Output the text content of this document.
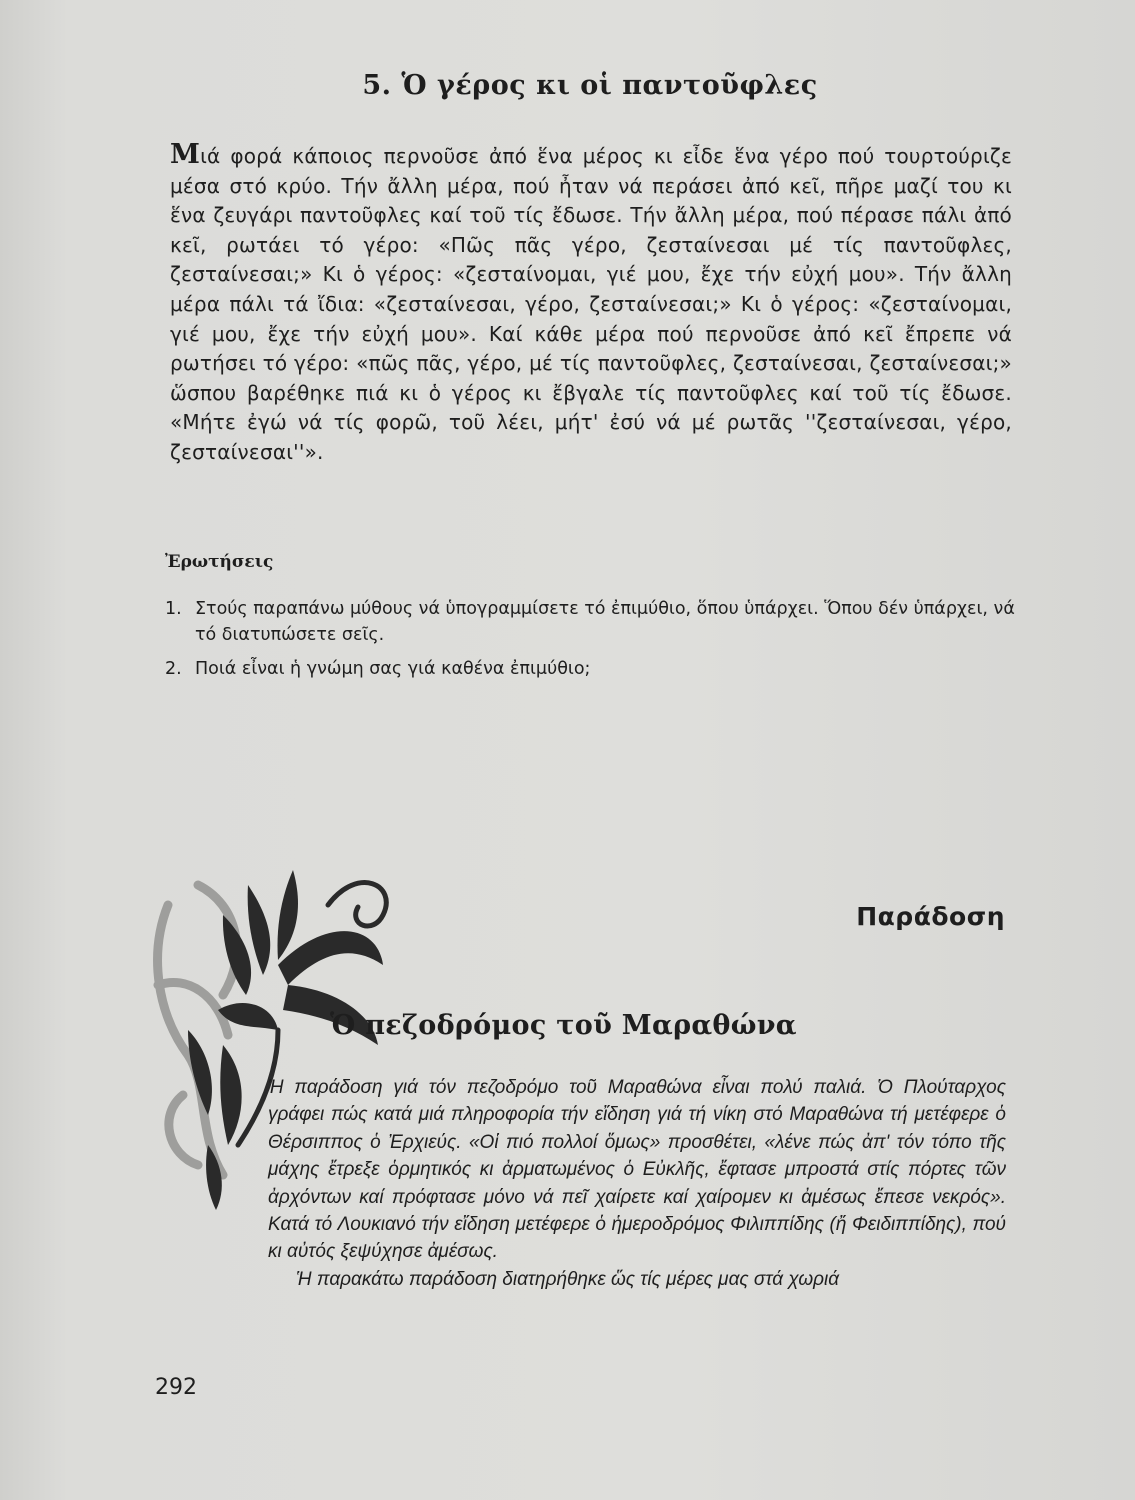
5. Ὁ γέρος κι οἱ παντοῦφλες
Μιά φορά κάποιος περνοῦσε ἀπό ἕνα μέρος κι εἶδε ἕνα γέρο πού τουρτούριζε μέσα στό κρύο. Τήν ἄλλη μέρα, πού ἦταν νά περάσει ἀπό κεῖ, πῆρε μαζί του κι ἕνα ζευγάρι παντοῦφλες καί τοῦ τίς ἔδωσε. Τήν ἄλλη μέρα, πού πέρασε πάλι ἀπό κεῖ, ρωτάει τό γέρο: «Πῶς πᾶς γέρο, ζεσταίνεσαι μέ τίς παντοῦφλες, ζεσταίνεσαι;» Κι ὁ γέρος: «ζεσταίνομαι, γιέ μου, ἔχε τήν εὐχή μου». Τήν ἄλλη μέρα πάλι τά ἴδια: «ζεσταίνεσαι, γέρο, ζεσταίνεσαι;» Κι ὁ γέρος: «ζεσταίνομαι, γιέ μου, ἔχε τήν εὐχή μου». Καί κάθε μέρα πού περνοῦσε ἀπό κεῖ ἔπρεπε νά ρωτήσει τό γέρο: «πῶς πᾶς, γέρο, μέ τίς παντοῦφλες, ζεσταίνεσαι, ζεσταίνεσαι;» ὥσπου βαρέθηκε πιά κι ὁ γέρος κι ἔβγαλε τίς παντοῦφλες καί τοῦ τίς ἔδωσε. «Μήτε ἐγώ νά τίς φορῶ, τοῦ λέει, μήτ' ἐσύ νά μέ ρωτᾶς ''ζεσταίνεσαι, γέρο, ζεσταίνεσαι''».
Ἐρωτήσεις
1. Στούς παραπάνω μύθους νά ὑπογραμμίσετε τό ἐπιμύθιο, ὅπου ὑπάρχει. Ὅπου δέν ὑπάρχει, νά τό διατυπώσετε σεῖς.
2. Ποιά εἶναι ἡ γνώμη σας γιά καθένα ἐπιμύθιο;
Παράδοση
Ὁ πεζοδρόμος τοῦ Μαραθώνα

Ἡ παράδοση γιά τόν πεζοδρόμο τοῦ Μαραθώνα εἶναι πολύ παλιά. Ὁ Πλούταρχος γράφει πώς κατά μιά πληροφορία τήν εἴδηση γιά τή νίκη στό Μαραθώνα τή μετέφερε ὁ Θέρσιππος ὁ Ἐρχιεύς. «Οἱ πιό πολλοί ὅμως» προσθέτει, «λένε πώς ἀπ' τόν τόπο τῆς μάχης ἔτρεξε ὁρμητικός κι ἀρματωμένος ὁ Εὐκλῆς, ἔφτασε μπροστά στίς πόρτες τῶν ἀρχόντων καί πρόφτασε μόνο νά πεῖ χαίρετε καί χαίρομεν κι ἀμέσως ἔπεσε νεκρός». Κατά τό Λουκιανό τήν εἴδηση μετέφερε ὁ ἡμεροδρόμος Φιλιππίδης (ἤ Φειδιππίδης), πού κι αὐτός ξεψύχησε ἀμέσως.

Ἡ παρακάτω παράδοση διατηρήθηκε ὥς τίς μέρες μας στά χωριά

292
